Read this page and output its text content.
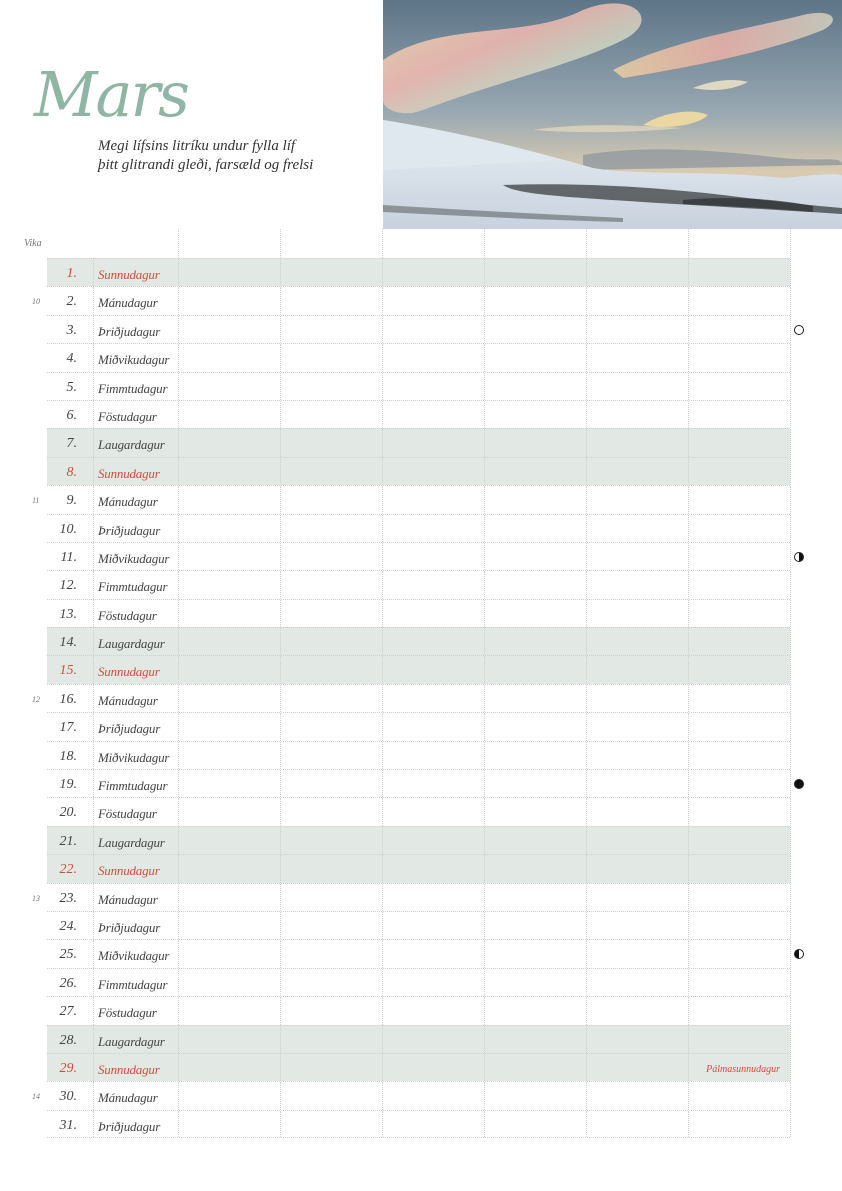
Mars
Megi lífsins litríku undur fylla líf
þitt glitrandi gleði, farsæld og frelsi
Vika
1. Sunnudagur
2. Mánudagur
10
3. Þriðjudagur
4. Miðvikudagur
5. Fimmtudagur
6. Föstudagur
7. Laugardagur
8. Sunnudagur
9. Mánudagur
11
10. Þriðjudagur
11. Miðvikudagur
12. Fimmtudagur
13. Föstudagur
14. Laugardagur
15. Sunnudagur
16. Mánudagur
12
17. Þriðjudagur
18. Miðvikudagur
19. Fimmtudagur
20. Föstudagur
21. Laugardagur
22. Sunnudagur
23. Mánudagur
13
24. Þriðjudagur
25. Miðvikudagur
26. Fimmtudagur
27. Föstudagur
28. Laugardagur
29. Sunnudagur	Pálmasunnudagur
30. Mánudagur
14
31. Þriðjudagur
